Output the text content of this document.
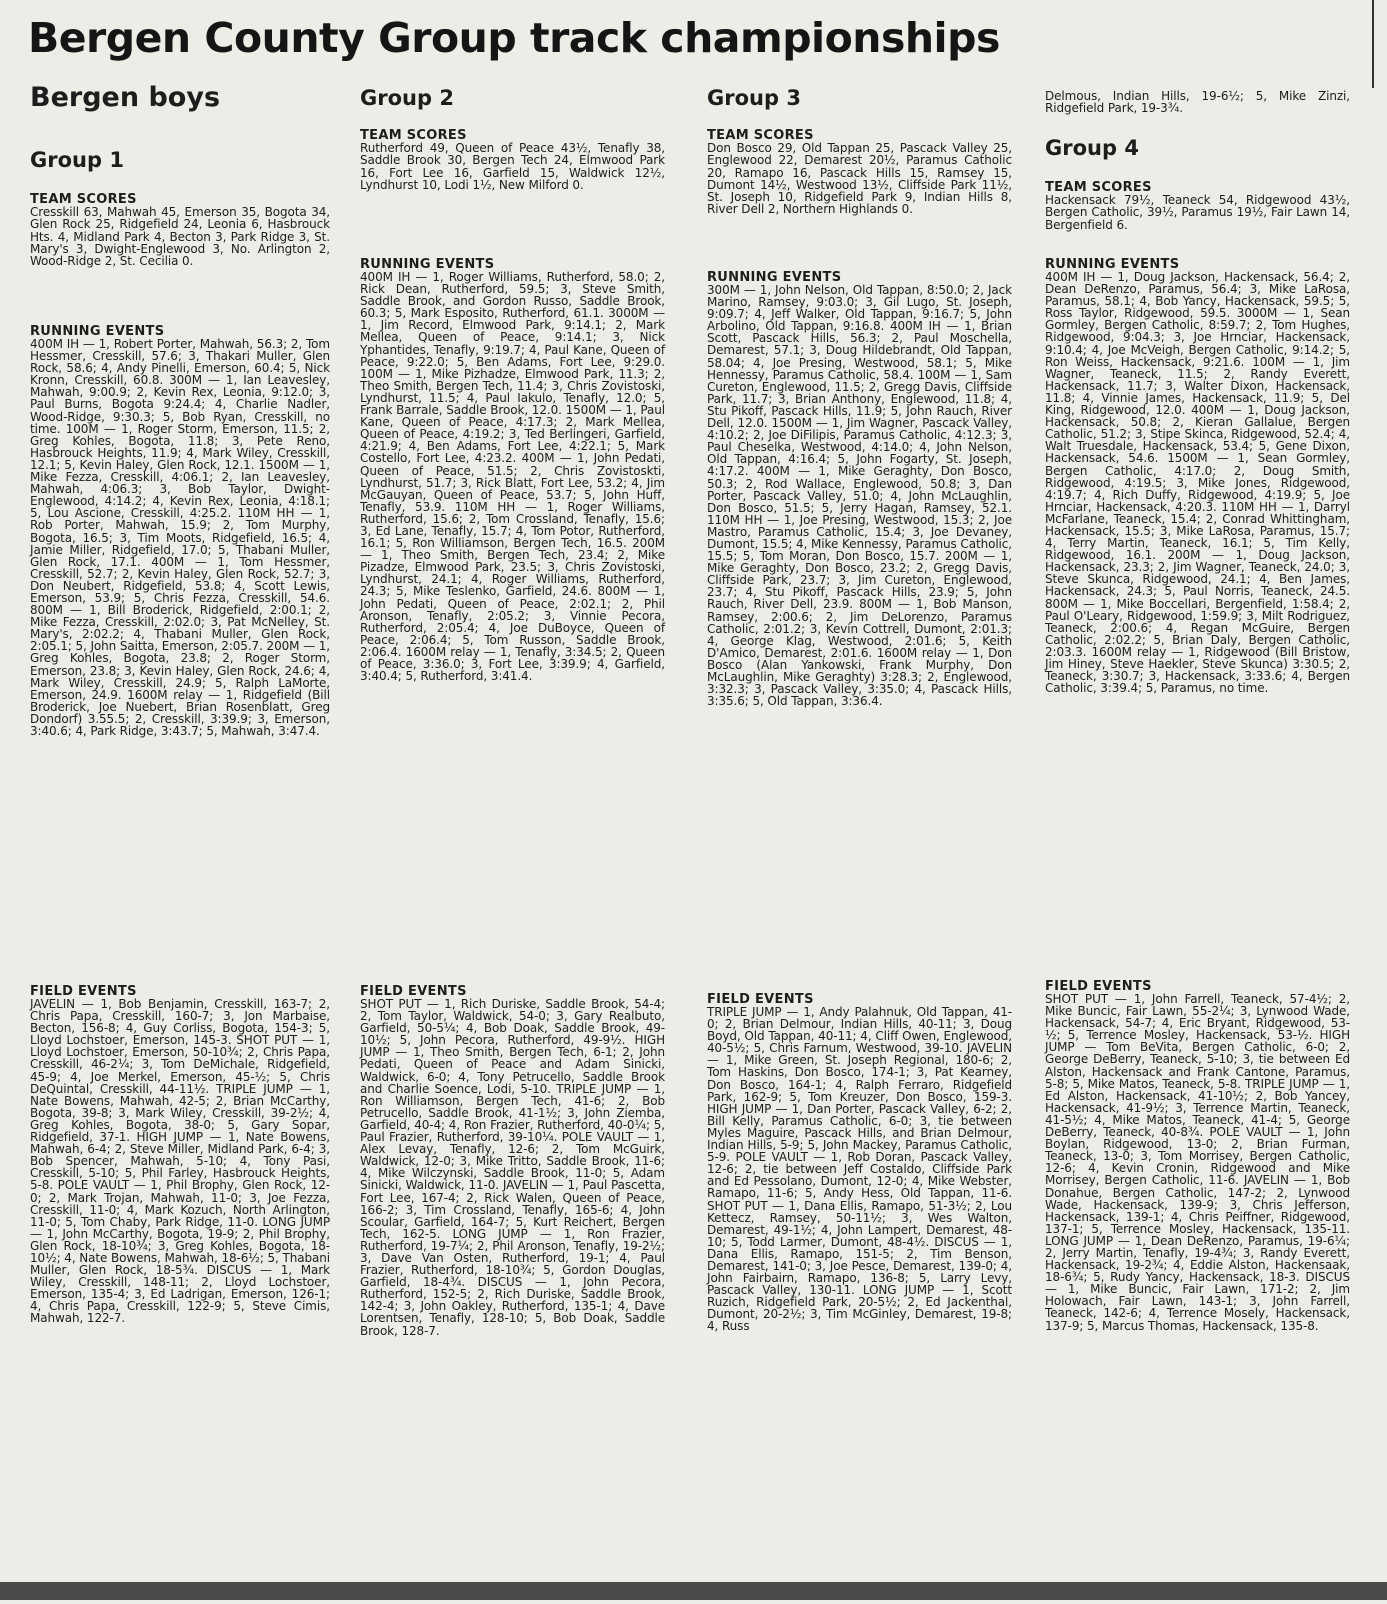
Bergen County Group track championships
Bergen boys
Group 1
TEAM SCORES
Cresskill 63, Mahwah 45, Emerson 35, Bogota 34, Glen Rock 25, Ridgefield 24, Leonia 6, Hasbrouck Hts. 4, Midland Park 4, Becton 3, Park Ridge 3, St. Mary's 3, Dwight-Englewood 3, No. Arlington 2, Wood-Ridge 2, St. Cecilia 0.
RUNNING EVENTS
400M IH — 1, Robert Porter, Mahwah, 56.3; 2, Tom Hessmer, Cresskill, 57.6; 3, Thakari Muller, Glen Rock, 58.6; 4, Andy Pinelli, Emerson, 60.4; 5, Nick Kronn, Cresskill, 60.8. 300M — 1, Ian Leavesley, Mahwah, 9:00.9; 2, Kevin Rex, Leonia, 9:12.0; 3, Paul Burns, Bogota 9:24.4; 4, Charlie Nadler, Wood-Ridge, 9:30.3; 5, Bob Ryan, Cresskill, no time. 100M — 1, Roger Storm, Emerson, 11.5; 2, Greg Kohles, Bogota, 11.8; 3, Pete Reno, Hasbrouck Heights, 11.9; 4, Mark Wiley, Cresskill, 12.1; 5, Kevin Haley, Glen Rock, 12.1. 1500M — 1, Mike Fezza, Cresskill, 4:06.1; 2, Ian Leavesley, Mahwah, 4:06.3; 3, Bob Taylor, Dwight-Englewood, 4:14.2; 4, Kevin Rex, Leonia, 4:18.1; 5, Lou Ascione, Cresskill, 4:25.2. 110M HH — 1, Rob Porter, Mahwah, 15.9; 2, Tom Murphy, Bogota, 16.5; 3, Tim Moots, Ridgefield, 16.5; 4, Jamie Miller, Ridgefield, 17.0; 5, Thabani Muller, Glen Rock, 17.1. 400M — 1, Tom Hessmer, Cresskill, 52.7; 2, Kevin Haley, Glen Rock, 52.7; 3, Don Neubert, Ridgefield, 53.8; 4, Scott Lewis, Emerson, 53.9; 5, Chris Fezza, Cresskill, 54.6. 800M — 1, Bill Broderick, Ridgefield, 2:00.1; 2, Mike Fezza, Cresskill, 2:02.0; 3, Pat McNelley, St. Mary's, 2:02.2; 4, Thabani Muller, Glen Rock, 2:05.1; 5, John Saitta, Emerson, 2:05.7. 200M — 1, Greg Kohles, Bogota, 23.8; 2, Roger Storm, Emerson, 23.8; 3, Kevin Haley, Glen Rock, 24.6; 4, Mark Wiley, Cresskill, 24.9; 5, Ralph LaMorte, Emerson, 24.9. 1600M relay — 1, Ridgefield (Bill Broderick, Joe Nuebert, Brian Rosenblatt, Greg Dondorf) 3.55.5; 2, Cresskill, 3:39.9; 3, Emerson, 3:40.6; 4, Park Ridge, 3:43.7; 5, Mahwah, 3:47.4.
FIELD EVENTS
JAVELIN — 1, Bob Benjamin, Cresskill, 163-7; 2, Chris Papa, Cresskill, 160-7; 3, Jon Marbaise, Becton, 156-8; 4, Guy Corliss, Bogota, 154-3; 5, Lloyd Lochstoer, Emerson, 145-3. SHOT PUT — 1, Lloyd Lochstoer, Emerson, 50-10¾; 2, Chris Papa, Cresskill, 46-2¼; 3, Tom DeMichale, Ridgefield, 45-9; 4, Joe Merkel, Emerson, 45-½; 5, Chris DeQuintal, Cresskill, 44-11½. TRIPLE JUMP — 1, Nate Bowens, Mahwah, 42-5; 2, Brian McCarthy, Bogota, 39-8; 3, Mark Wiley, Cresskill, 39-2½; 4, Greg Kohles, Bogota, 38-0; 5, Gary Sopar, Ridgefield, 37-1. HIGH JUMP — 1, Nate Bowens, Mahwah, 6-4; 2, Steve Miller, Midland Park, 6-4; 3, Bob Spencer, Mahwah, 5-10; 4, Tony Pasi, Cresskill, 5-10; 5, Phil Farley, Hasbrouck Heights, 5-8. POLE VAULT — 1, Phil Brophy, Glen Rock, 12-0; 2, Mark Trojan, Mahwah, 11-0; 3, Joe Fezza, Cresskill, 11-0; 4, Mark Kozuch, North Arlington, 11-0; 5, Tom Chaby, Park Ridge, 11-0. LONG JUMP — 1, John McCarthy, Bogota, 19-9; 2, Phil Brophy, Glen Rock, 18-10¾; 3, Greg Kohles, Bogota, 18-10½; 4, Nate Bowens, Mahwah, 18-6½; 5, Thabani Muller, Glen Rock, 18-5¾. DISCUS — 1, Mark Wiley, Cresskill, 148-11; 2, Lloyd Lochstoer, Emerson, 135-4; 3, Ed Ladrigan, Emerson, 126-1; 4, Chris Papa, Cresskill, 122-9; 5, Steve Cimis, Mahwah, 122-7.
Group 2
TEAM SCORES
Rutherford 49, Queen of Peace 43½, Tenafly 38, Saddle Brook 30, Bergen Tech 24, Elmwood Park 16, Fort Lee 16, Garfield 15, Waldwick 12½, Lyndhurst 10, Lodi 1½, New Milford 0.
RUNNING EVENTS
400M IH — 1, Roger Williams, Rutherford, 58.0; 2, Rick Dean, Rutherford, 59.5; 3, Steve Smith, Saddle Brook, and Gordon Russo, Saddle Brook, 60.3; 5, Mark Esposito, Rutherford, 61.1. 3000M — 1, Jim Record, Elmwood Park, 9:14.1; 2, Mark Mellea, Queen of Peace, 9:14.1; 3, Nick Yphantides, Tenafly, 9:19.7; 4, Paul Kane, Queen of Peace, 9:22.0; 5, Ben Adams, Fort Lee, 9:29.0. 100M — 1, Mike Pizhadze, Elmwood Park, 11.3; 2, Theo Smith, Bergen Tech, 11.4; 3, Chris Zovistoski, Lyndhurst, 11.5; 4, Paul Iakulo, Tenafly, 12.0; 5, Frank Barrale, Saddle Brook, 12.0. 1500M — 1, Paul Kane, Queen of Peace, 4:17.3; 2, Mark Mellea, Queen of Peace, 4:19.2; 3, Ted Berlingeri, Garfield, 4:21.9; 4, Ben Adams, Fort Lee, 4:22.1; 5, Mark Costello, Fort Lee, 4:23.2. 400M — 1, John Pedati, Queen of Peace, 51.5; 2, Chris Zovistoskti, Lyndhurst, 51.7; 3, Rick Blatt, Fort Lee, 53.2; 4, Jim McGauyan, Queen of Peace, 53.7; 5, John Huff, Tenafly, 53.9. 110M HH — 1, Roger Williams, Rutherford, 15.6; 2, Tom Crossland, Tenafly, 15.6; 3, Ed Lane, Tenafly, 15.7; 4, Tom Potor, Rutherford, 16.1; 5, Ron Williamson, Bergen Tech, 16.5. 200M — 1, Theo Smith, Bergen Tech, 23.4; 2, Mike Pizadze, Elmwood Park, 23.5; 3, Chris Zovistoski, Lyndhurst, 24.1; 4, Roger Williams, Rutherford, 24.3; 5, Mike Teslenko, Garfield, 24.6. 800M — 1, John Pedati, Queen of Peace, 2:02.1; 2, Phil Aronson, Tenafly, 2:05.2; 3, Vinnie Pecora, Rutherford, 2:05.4; 4, Joe DuBoyce, Queen of Peace, 2:06.4; 5, Tom Russon, Saddle Brook, 2:06.4. 1600M relay — 1, Tenafly, 3:34.5; 2, Queen of Peace, 3:36.0; 3, Fort Lee, 3:39.9; 4, Garfield, 3:40.4; 5, Rutherford, 3:41.4.
FIELD EVENTS
SHOT PUT — 1, Rich Duriske, Saddle Brook, 54-4; 2, Tom Taylor, Waldwick, 54-0; 3, Gary Realbuto, Garfield, 50-5¼; 4, Bob Doak, Saddle Brook, 49-10½; 5, John Pecora, Rutherford, 49-9½. HIGH JUMP — 1, Theo Smith, Bergen Tech, 6-1; 2, John Pedati, Queen of Peace and Adam Sinicki, Waldwick, 6-0; 4, Tony Petrucello, Saddle Brook and Charlie Soence, Lodi, 5-10. TRIPLE JUMP — 1, Ron Williamson, Bergen Tech, 41-6; 2, Bob Petrucello, Saddle Brook, 41-1½; 3, John Ziemba, Garfield, 40-4; 4, Ron Frazier, Rutherford, 40-0¼; 5, Paul Frazier, Rutherford, 39-10¼. POLE VAULT — 1, Alex Levay, Tenafly, 12-6; 2, Tom McGuirk, Waldwick, 12-0; 3, Mike Tritto, Saddle Brook, 11-6; 4, Mike Wilczynski, Saddle Brook, 11-0; 5, Adam Sinicki, Waldwick, 11-0. JAVELIN — 1, Paul Pascetta, Fort Lee, 167-4; 2, Rick Walen, Queen of Peace, 166-2; 3, Tim Crossland, Tenafly, 165-6; 4, John Scoular, Garfield, 164-7; 5, Kurt Reichert, Bergen Tech, 162-5. LONG JUMP — 1, Ron Frazier, Rutherford, 19-7¼; 2, Phil Aronson, Tenafly, 19-2½; 3, Dave Van Osten, Rutherford, 19-1; 4, Paul Frazier, Rutherford, 18-10¾; 5, Gordon Douglas, Garfield, 18-4¾. DISCUS — 1, John Pecora, Rutherford, 152-5; 2, Rich Duriske, Saddle Brook, 142-4; 3, John Oakley, Rutherford, 135-1; 4, Dave Lorentsen, Tenafly, 128-10; 5, Bob Doak, Saddle Brook, 128-7.
Group 3
TEAM SCORES
Don Bosco 29, Old Tappan 25, Pascack Valley 25, Englewood 22, Demarest 20½, Paramus Catholic 20, Ramapo 16, Pascack Hills 15, Ramsey 15, Dumont 14½, Westwood 13½, Cliffside Park 11½, St. Joseph 10, Ridgefield Park 9, Indian Hills 8, River Dell 2, Northern Highlands 0.
RUNNING EVENTS
300M — 1, John Nelson, Old Tappan, 8:50.0; 2, Jack Marino, Ramsey, 9:03.0; 3, Gil Lugo, St. Joseph, 9:09.7; 4, Jeff Walker, Old Tappan, 9:16.7; 5, John Arbolino, Old Tappan, 9:16.8. 400M IH — 1, Brian Scott, Pascack Hills, 56.3; 2, Paul Moschella, Demarest, 57.1; 3, Doug Hildebrandt, Old Tappan, 58.04; 4, Joe Presing, Westwood, 58.1; 5, Mike Hennessy, Paramus Catholic, 58.4. 100M — 1, Sam Cureton, Englewood, 11.5; 2, Gregg Davis, Cliffside Park, 11.7; 3, Brian Anthony, Englewood, 11.8; 4, Stu Pikoff, Pascack Hills, 11.9; 5, John Rauch, River Dell, 12.0. 1500M — 1, Jim Wagner, Pascack Valley, 4:10.2; 2, Joe DiFilipis, Paramus Catholic, 4:12.3; 3, Paul Cheselka, Westwood, 4:14.0; 4, John Nelson, Old Tappan, 4:16.4; 5, John Fogarty, St. Joseph, 4:17.2. 400M — 1, Mike Geraghty, Don Bosco, 50.3; 2, Rod Wallace, Englewood, 50.8; 3, Dan Porter, Pascack Valley, 51.0; 4, John McLaughlin, Don Bosco, 51.5; 5, Jerry Hagan, Ramsey, 52.1. 110M HH — 1, Joe Presing, Westwood, 15.3; 2, Joe Mastro, Paramus Catholic, 15.4; 3, Joe Devaney, Dumont, 15.5; 4, Mike Kennessy, Paramus Catholic, 15.5; 5, Tom Moran, Don Bosco, 15.7. 200M — 1, Mike Geraghty, Don Bosco, 23.2; 2, Gregg Davis, Cliffside Park, 23.7; 3, Jim Cureton, Englewood, 23.7; 4, Stu Pikoff, Pascack Hills, 23.9; 5, John Rauch, River Dell, 23.9. 800M — 1, Bob Manson, Ramsey, 2:00.6; 2, Jim DeLorenzo, Paramus Catholic, 2:01.2; 3, Kevin Cottrell, Dumont, 2:01.3; 4, George Klag, Westwood, 2:01.6; 5, Keith D'Amico, Demarest, 2:01.6. 1600M relay — 1, Don Bosco (Alan Yankowski, Frank Murphy, Don McLaughlin, Mike Geraghty) 3:28.3; 2, Englewood, 3:32.3; 3, Pascack Valley, 3:35.0; 4, Pascack Hills, 3:35.6; 5, Old Tappan, 3:36.4.
FIELD EVENTS
TRIPLE JUMP — 1, Andy Palahnuk, Old Tappan, 41-0; 2, Brian Delmour, Indian Hills, 40-11; 3, Doug Boyd, Old Tappan, 40-11; 4, Cliff Owen, Englewood, 40-5½; 5, Chris Farnum, Westwood, 39-10. JAVELIN — 1, Mike Green, St. Joseph Regional, 180-6; 2, Tom Haskins, Don Bosco, 174-1; 3, Pat Kearney, Don Bosco, 164-1; 4, Ralph Ferraro, Ridgefield Park, 162-9; 5, Tom Kreuzer, Don Bosco, 159-3. HIGH JUMP — 1, Dan Porter, Pascack Valley, 6-2; 2, Bill Kelly, Paramus Catholic, 6-0; 3, tie between Myles Maguire, Pascack Hills, and Brian Delmour, Indian Hills, 5-9; 5, John Mackey, Paramus Catholic, 5-9. POLE VAULT — 1, Rob Doran, Pascack Valley, 12-6; 2, tie between Jeff Costaldo, Cliffside Park and Ed Pessolano, Dumont, 12-0; 4, Mike Webster, Ramapo, 11-6; 5, Andy Hess, Old Tappan, 11-6. SHOT PUT — 1, Dana Ellis, Ramapo, 51-3½; 2, Lou Kettecz, Ramsey, 50-11½; 3, Wes Walton, Demarest, 49-1½; 4, John Lampert, Demarest, 48-10; 5, Todd Larmer, Dumont, 48-4½. DISCUS — 1, Dana Ellis, Ramapo, 151-5; 2, Tim Benson, Demarest, 141-0; 3, Joe Pesce, Demarest, 139-0; 4, John Fairbairn, Ramapo, 136-8; 5, Larry Levy, Pascack Valley, 130-11. LONG JUMP — 1, Scott Ruzich, Ridgefield Park, 20-5½; 2, Ed Jackenthal, Dumont, 20-2½; 3, Tim McGinley, Demarest, 19-8; 4, Russ
Delmous, Indian Hills, 19-6½; 5, Mike Zinzi, Ridgefield Park, 19-3¾.
Group 4
TEAM SCORES
Hackensack 79½, Teaneck 54, Ridgewood 43½, Bergen Catholic, 39½, Paramus 19½, Fair Lawn 14, Bergenfield 6.
RUNNING EVENTS
400M IH — 1, Doug Jackson, Hackensack, 56.4; 2, Dean DeRenzo, Paramus, 56.4; 3, Mike LaRosa, Paramus, 58.1; 4, Bob Yancy, Hackensack, 59.5; 5, Ross Taylor, Ridgewood, 59.5. 3000M — 1, Sean Gormley, Bergen Catholic, 8:59.7; 2, Tom Hughes, Ridgewood, 9:04.3; 3, Joe Hrnciar, Hackensack, 9:10.4; 4, Joe McVeigh, Bergen Catholic, 9:14.2; 5, Ron Weiss, Hackensack, 9:21.6. 100M — 1, Jim Wagner, Teaneck, 11.5; 2, Randy Everett, Hackensack, 11.7; 3, Walter Dixon, Hackensack, 11.8; 4, Vinnie James, Hackensack, 11.9; 5, Del King, Ridgewood, 12.0. 400M — 1, Doug Jackson, Hackensack, 50.8; 2, Kieran Gallalue, Bergen Catholic, 51.2; 3, Stipe Skinca, Ridgewood, 52.4; 4, Walt Truesdale, Hackensack, 53.4; 5, Gene Dixon, Hackensack, 54.6. 1500M — 1, Sean Gormley, Bergen Catholic, 4:17.0; 2, Doug Smith, Ridgewood, 4:19.5; 3, Mike Jones, Ridgewood, 4:19.7; 4, Rich Duffy, Ridgewood, 4:19.9; 5, Joe Hrnciar, Hackensack, 4:20.3. 110M HH — 1, Darryl McFarlane, Teaneck, 15.4; 2, Conrad Whittingham, Hackensack, 15.5; 3, Mike LaRosa, Paramus, 15.7; 4, Terry Martin, Teaneck, 16.1; 5, Tim Kelly, Ridgewood, 16.1. 200M — 1, Doug Jackson, Hackensack, 23.3; 2, Jim Wagner, Teaneck, 24.0; 3, Steve Skunca, Ridgewood, 24.1; 4, Ben James, Hackensack, 24.3; 5, Paul Norris, Teaneck, 24.5. 800M — 1, Mike Boccellari, Bergenfield, 1:58.4; 2, Paul O'Leary, Ridgewood, 1:59.9; 3, Milt Rodriguez, Teaneck, 2:00.6; 4, Regan McGuire, Bergen Catholic, 2:02.2; 5, Brian Daly, Bergen Catholic, 2:03.3. 1600M relay — 1, Ridgewood (Bill Bristow, Jim Hiney, Steve Haekler, Steve Skunca) 3:30.5; 2, Teaneck, 3:30.7; 3, Hackensack, 3:33.6; 4, Bergen Catholic, 3:39.4; 5, Paramus, no time.
FIELD EVENTS
SHOT PUT — 1, John Farrell, Teaneck, 57-4½; 2, Mike Buncic, Fair Lawn, 55-2¼; 3, Lynwood Wade, Hackensack, 54-7; 4, Eric Bryant, Ridgewood, 53-½; 5, Terrence Mosley, Hackensack, 53-½. HIGH JUMP — Tom BeVita, Bergen Catholic, 6-0; 2, George DeBerry, Teaneck, 5-10; 3, tie between Ed Alston, Hackensack and Frank Cantone, Paramus, 5-8; 5, Mike Matos, Teaneck, 5-8. TRIPLE JUMP — 1, Ed Alston, Hackensack, 41-10½; 2, Bob Yancey, Hackensack, 41-9½; 3, Terrence Martin, Teaneck, 41-5½; 4, Mike Matos, Teaneck, 41-4; 5, George DeBerry, Teaneck, 40-8¾. POLE VAULT — 1, John Boylan, Ridgewood, 13-0; 2, Brian Furman, Teaneck, 13-0; 3, Tom Morrisey, Bergen Catholic, 12-6; 4, Kevin Cronin, Ridgewood and Mike Morrisey, Bergen Catholic, 11-6. JAVELIN — 1, Bob Donahue, Bergen Catholic, 147-2; 2, Lynwood Wade, Hackensack, 139-9; 3, Chris Jefferson, Hackensack, 139-1; 4, Chris Peiffner, Ridgewood, 137-1; 5, Terrence Mosley, Hackensack, 135-11. LONG JUMP — 1, Dean DeRenzo, Paramus, 19-6¼; 2, Jerry Martin, Tenafly, 19-4¾; 3, Randy Everett, Hackensack, 19-2¾; 4, Eddie Alston, Hackensaak, 18-6¾; 5, Rudy Yancy, Hackensack, 18-3. DISCUS — 1, Mike Buncic, Fair Lawn, 171-2; 2, Jim Holowach, Fair Lawn, 143-1; 3, John Farrell, Teaneck, 142-6; 4, Terrence Mosely, Hackensack, 137-9; 5, Marcus Thomas, Hackensack, 135-8.
